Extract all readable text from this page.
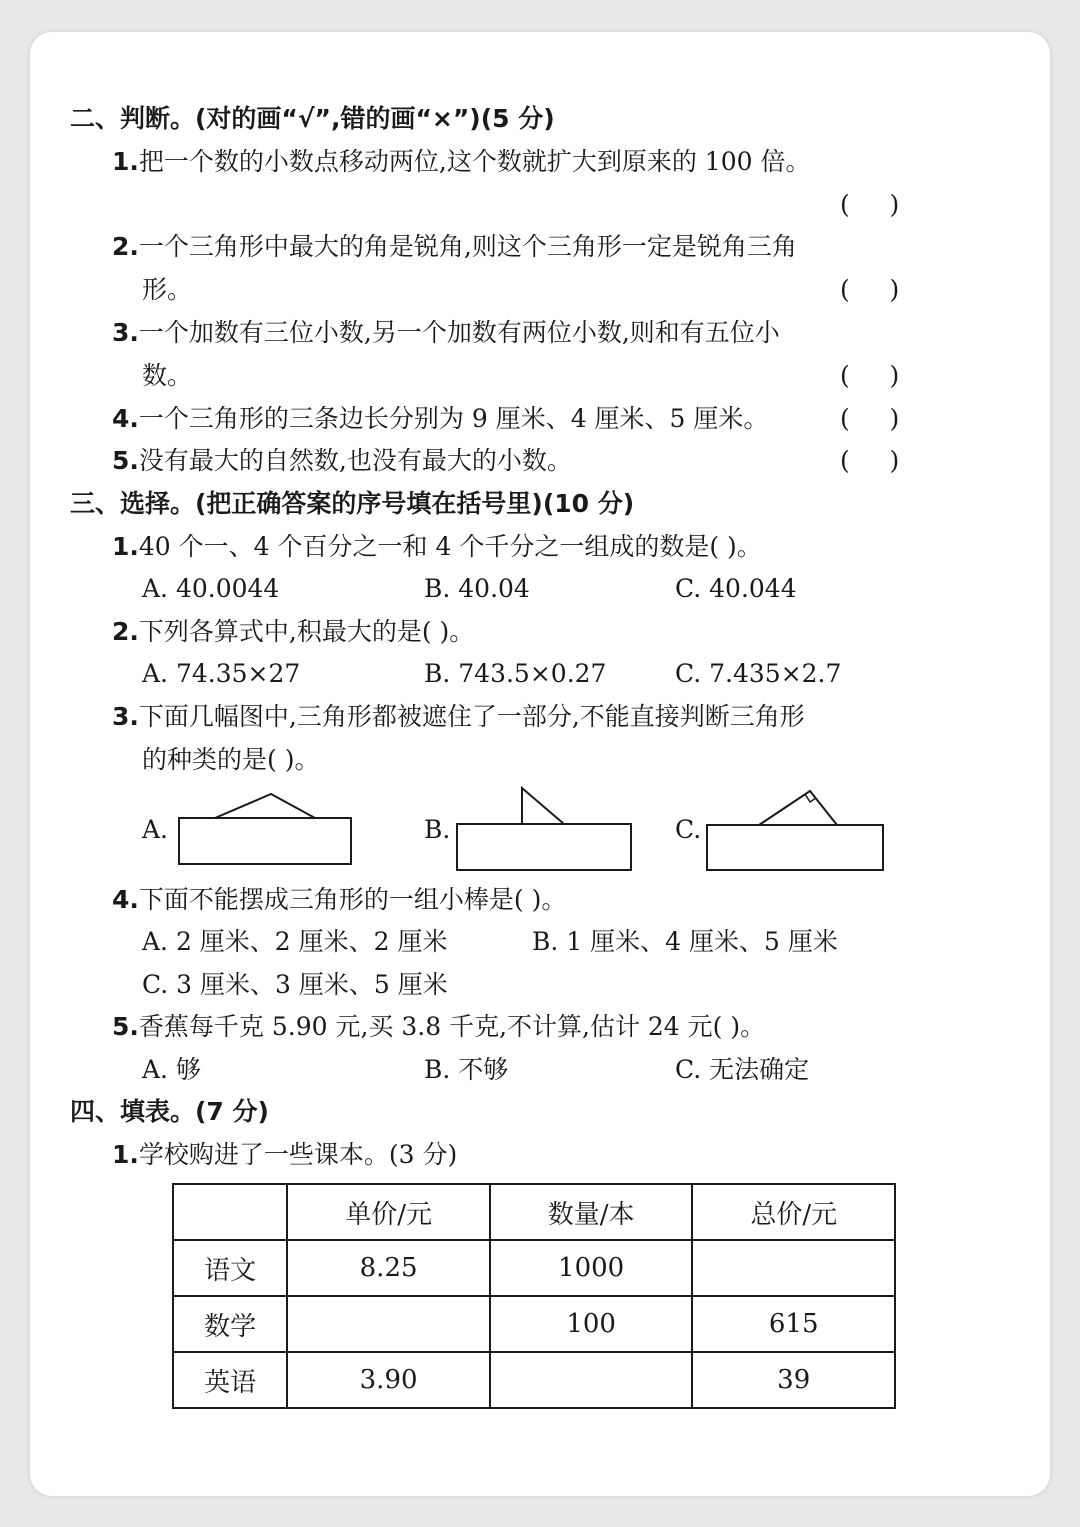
二、判断。(对的画“√”,错的画“×”)(5 分)
1.把一个数的小数点移动两位,这个数就扩大到原来的 100 倍。
(     )
2.一个三角形中最大的角是锐角,则这个三角形一定是锐角三角
形。	(     )
3.一个加数有三位小数,另一个加数有两位小数,则和有五位小
数。	(     )
4.一个三角形的三条边长分别为 9 厘米、4 厘米、5 厘米。	(     )
5.没有最大的自然数,也没有最大的小数。	(     )
三、选择。(把正确答案的序号填在括号里)(10 分)
1.40 个一、4 个百分之一和 4 个千分之一组成的数是( )。
A. 40.0044	B. 40.04	C. 40.044
2.下列各算式中,积最大的是( )。
A. 74.35×27	B. 743.5×0.27	C. 7.435×2.7
3.下面几幅图中,三角形都被遮住了一部分,不能直接判断三角形
的种类的是( )。
A.	B.	C.
4.下面不能摆成三角形的一组小棒是( )。
A. 2 厘米、2 厘米、2 厘米	B. 1 厘米、4 厘米、5 厘米
C. 3 厘米、3 厘米、5 厘米
5.香蕉每千克 5.90 元,买 3.8 千克,不计算,估计 24 元( )。
A. 够	B. 不够	C. 无法确定
四、填表。(7 分)
1.学校购进了一些课本。(3 分)
	单价/元	数量/本	总价/元
语文	8.25	1000	
数学		100	615
英语	3.90		39
